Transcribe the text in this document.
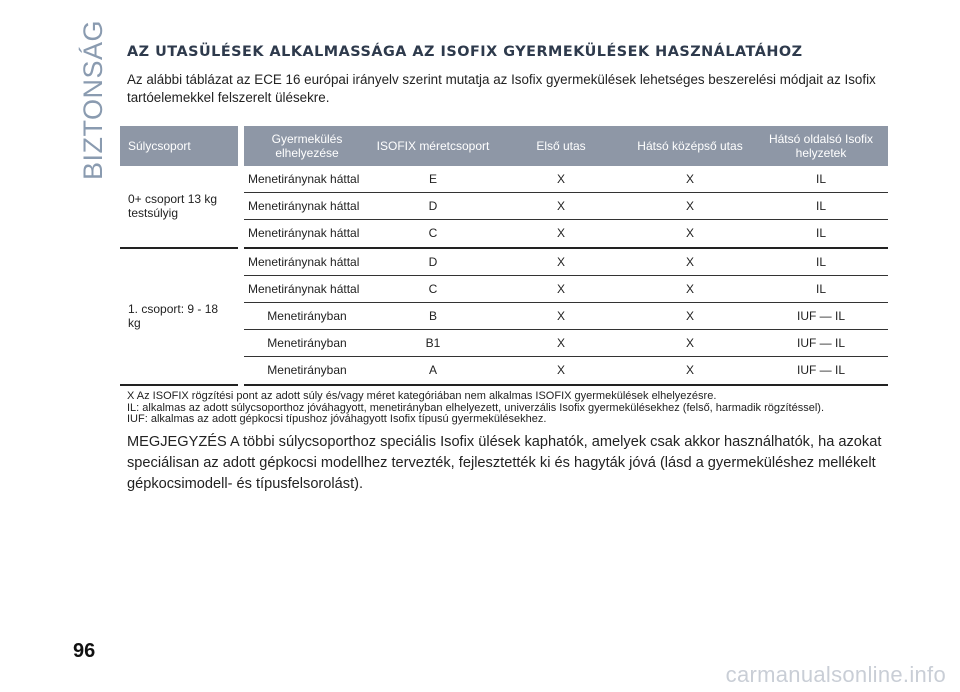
BIZTONSÁG AZ UTASÜLÉSEK ALKALMASSÁGA AZ ISOFIX GYERMEKÜLÉSEK HASZNÁLATÁHOZ
Az alábbi táblázat az ECE 16 európai irányelv szerint mutatja az Isofix gyermekülések lehetséges beszerelési módjait az Isofix tartóelemekkel felszerelt ülésekre.
Súlycsoport		Gyermekülés elhelyezése	ISOFIX méretcsoport	Első utas	Hátsó középső utas	Hátsó oldalsó Isofix helyzetek
0+ csoport 13 kg testsúlyig		Menetiránynak háttal	E	X	X	IL
		Menetiránynak háttal	D	X	X	IL
		Menetiránynak háttal	C	X	X	IL
1. csoport: 9 - 18 kg		Menetiránynak háttal	D	X	X	IL
		Menetiránynak háttal	C	X	X	IL
		Menetirányban	B	X	X	IUF — IL
		Menetirányban	B1	X	X	IUF — IL
		Menetirányban	A	X	X	IUF — IL
X Az ISOFIX rögzítési pont az adott súly és/vagy méret kategóriában nem alkalmas ISOFIX gyermekülések elhelyezésre.
IL: alkalmas az adott súlycsoporthoz jóváhagyott, menetirányban elhelyezett, univerzális Isofix gyermekülésekhez (felső, harmadik rögzítéssel).
IUF: alkalmas az adott gépkocsi típushoz jóváhagyott Isofix típusú gyermekülésekhez.
MEGJEGYZÉS A többi súlycsoporthoz speciális Isofix ülések kaphatók, amelyek csak akkor használhatók, ha azokat speciálisan az adott gépkocsi modellhez tervezték, fejlesztették ki és hagyták jóvá (lásd a gyermeküléshez mellékelt gépkocsimodell- és típusfelsorolást).
96
carmanualsonline.info
